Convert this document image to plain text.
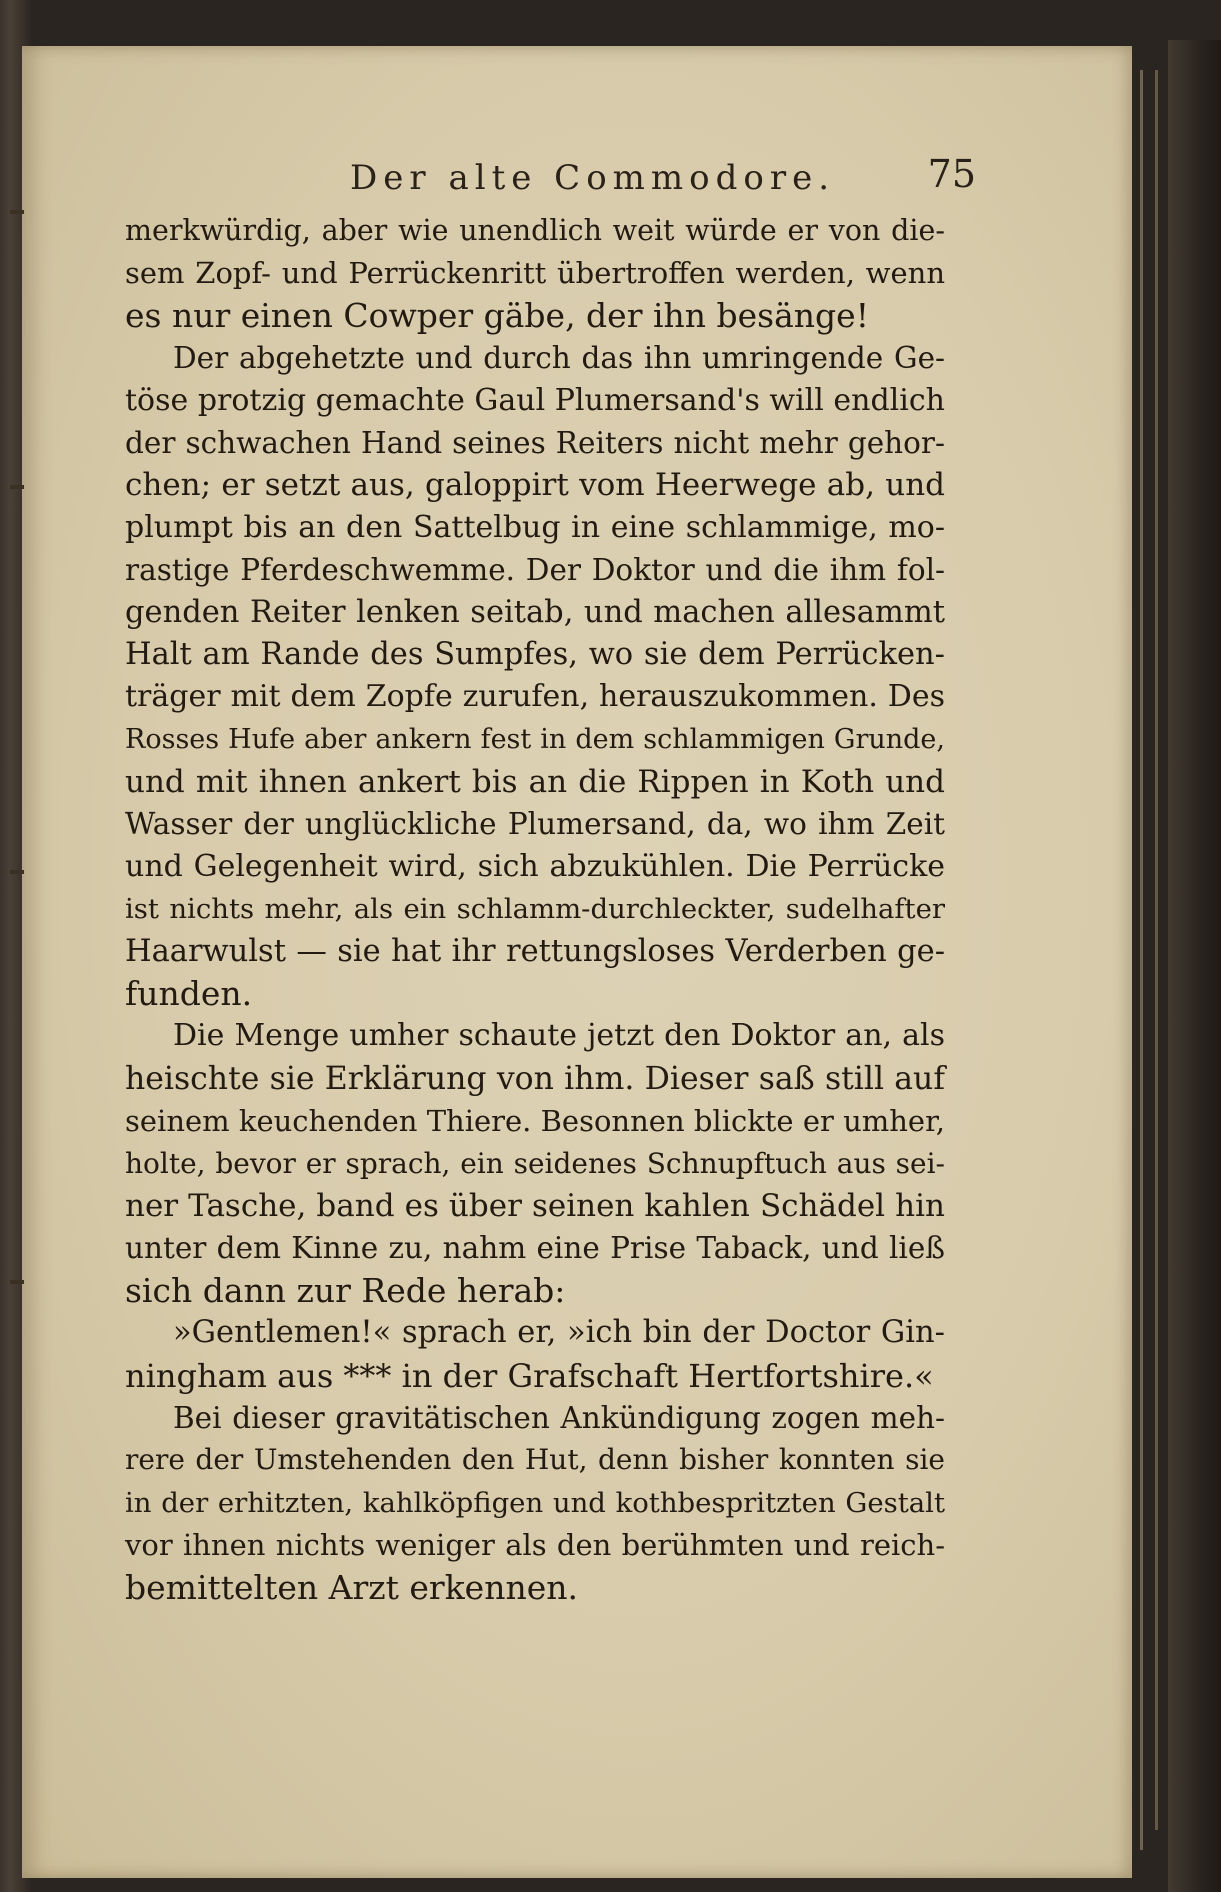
Der alte Commodore.	75
merkwürdig, aber wie unendlich weit würde er von die-
sem Zopf- und Perrückenritt übertroffen werden, wenn
es nur einen Cowper gäbe, der ihn besänge!
Der abgehetzte und durch das ihn umringende Ge-
töse protzig gemachte Gaul Plumersand's will endlich
der schwachen Hand seines Reiters nicht mehr gehor-
chen; er setzt aus, galoppirt vom Heerwege ab, und
plumpt bis an den Sattelbug in eine schlammige, mo-
rastige Pferdeschwemme. Der Doktor und die ihm fol-
genden Reiter lenken seitab, und machen allesammt
Halt am Rande des Sumpfes, wo sie dem Perrücken-
träger mit dem Zopfe zurufen, herauszukommen. Des
Rosses Hufe aber ankern fest in dem schlammigen Grunde,
und mit ihnen ankert bis an die Rippen in Koth und
Wasser der unglückliche Plumersand, da, wo ihm Zeit
und Gelegenheit wird, sich abzukühlen. Die Perrücke
ist nichts mehr, als ein schlamm-durchleckter, sudelhafter
Haarwulst — sie hat ihr rettungsloses Verderben ge-
funden.
Die Menge umher schaute jetzt den Doktor an, als
heischte sie Erklärung von ihm. Dieser saß still auf
seinem keuchenden Thiere. Besonnen blickte er umher,
holte, bevor er sprach, ein seidenes Schnupftuch aus sei-
ner Tasche, band es über seinen kahlen Schädel hin
unter dem Kinne zu, nahm eine Prise Taback, und ließ
sich dann zur Rede herab:
»Gentlemen!« sprach er, »ich bin der Doctor Gin-
ningham aus *** in der Grafschaft Hertfortshire.«
Bei dieser gravitätischen Ankündigung zogen meh-
rere der Umstehenden den Hut, denn bisher konnten sie
in der erhitzten, kahlköpfigen und kothbespritzten Gestalt
vor ihnen nichts weniger als den berühmten und reich-
bemittelten Arzt erkennen.
